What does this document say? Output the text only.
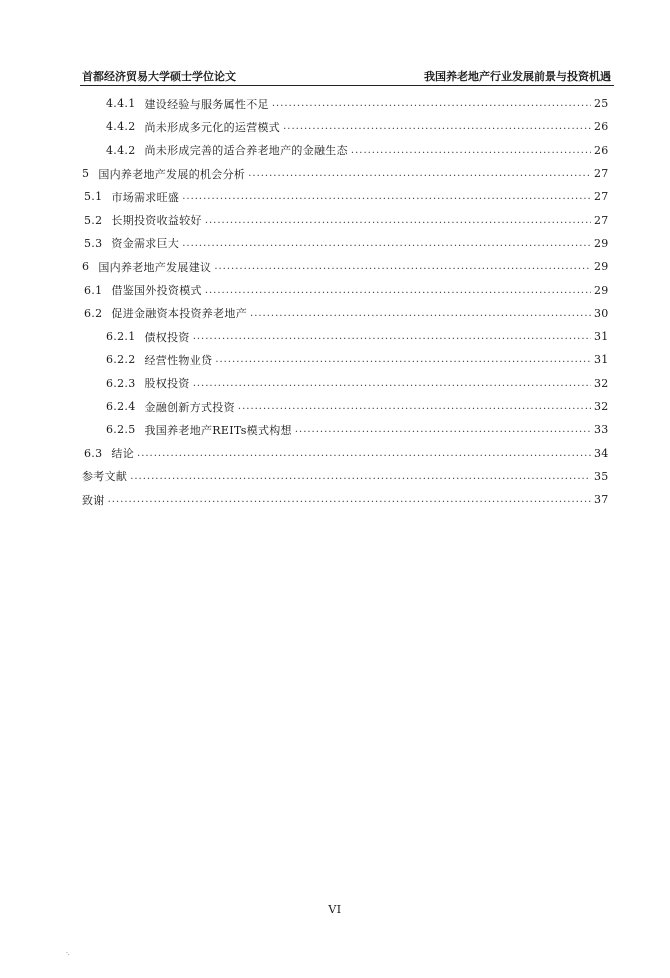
首都经济贸易大学硕士学位论文	我国养老地产行业发展前景与投资机遇
4.4.1 建设经验与服务属性不足 .....	25
4.4.2 尚未形成多元化的运营模式 .....	26
4.4.2 尚未形成完善的适合养老地产的金融生态 .....	26
5 国内养老地产发展的机会分析 .....	27
5.1 市场需求旺盛 .....	27
5.2 长期投资收益较好 .....	27
5.3 资金需求巨大 .....	29
6 国内养老地产发展建议 .....	29
6.1 借鉴国外投资模式 .....	29
6.2 促进金融资本投资养老地产 .....	30
6.2.1 债权投资 .....	31
6.2.2 经营性物业贷 .....	31
6.2.3 股权投资 .....	32
6.2.4 金融创新方式投资 .....	32
6.2.5 我国养老地产REITs模式构想 .....	33
6.3 结论 .....	34
参考文献 .....	35
致谢 .....	37
VI
·.
